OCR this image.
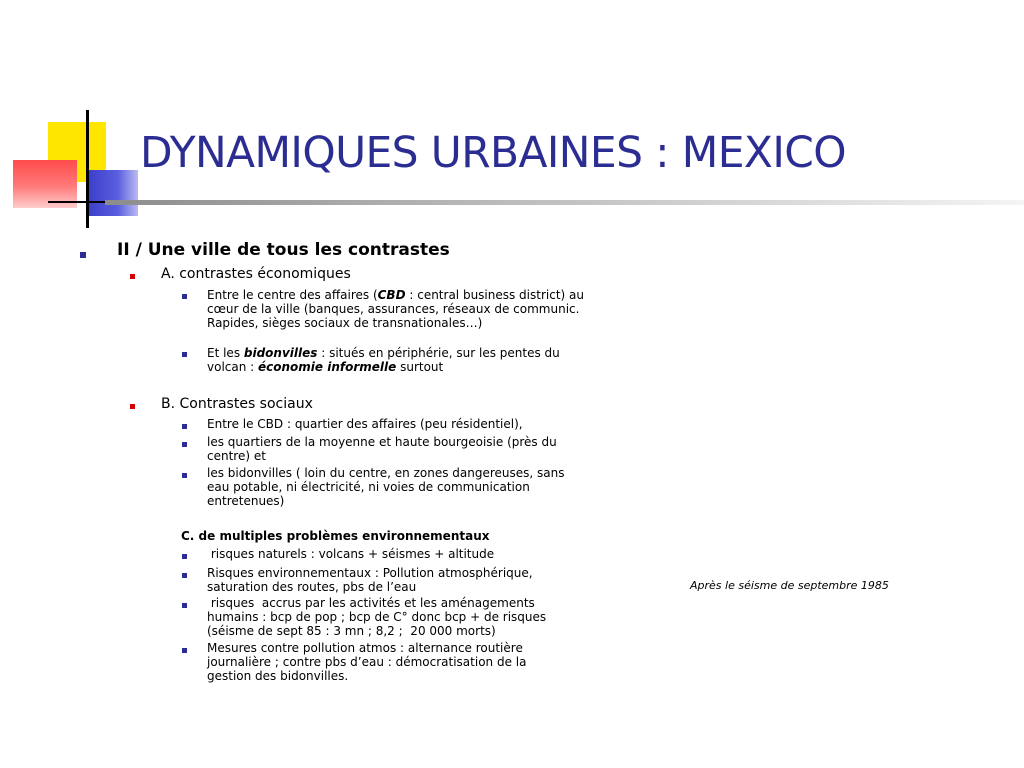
DYNAMIQUES URBAINES : MEXICO

II / Une ville de tous les contrastes

A. contrastes économiques

Entre le centre des affaires (CBD : central business district) au cœur de la ville (banques, assurances, réseaux de communic. Rapides, sièges sociaux de transnationales…)

Et les bidonvilles : situés en périphérie, sur les pentes du volcan : économie informelle surtout

B. Contrastes sociaux

Entre le CBD : quartier des affaires (peu résidentiel),

les quartiers de la moyenne et haute bourgeoisie (près du centre) et

les bidonvilles ( loin du centre, en zones dangereuses, sans eau potable, ni électricité, ni voies de communication entretenues)

C. de multiples problèmes environnementaux

risques naturels : volcans + séismes + altitude

Risques environnementaux : Pollution atmosphérique, saturation des routes, pbs de l’eau

risques  accrus par les activités et les aménagements humains : bcp de pop ; bcp de C° donc bcp + de risques (séisme de sept 85 : 3 mn ; 8,2 ;  20 000 morts)

Mesures contre pollution atmos : alternance routière journalière ; contre pbs d’eau : démocratisation de la gestion des bidonvilles.

Après le séisme de septembre 1985
